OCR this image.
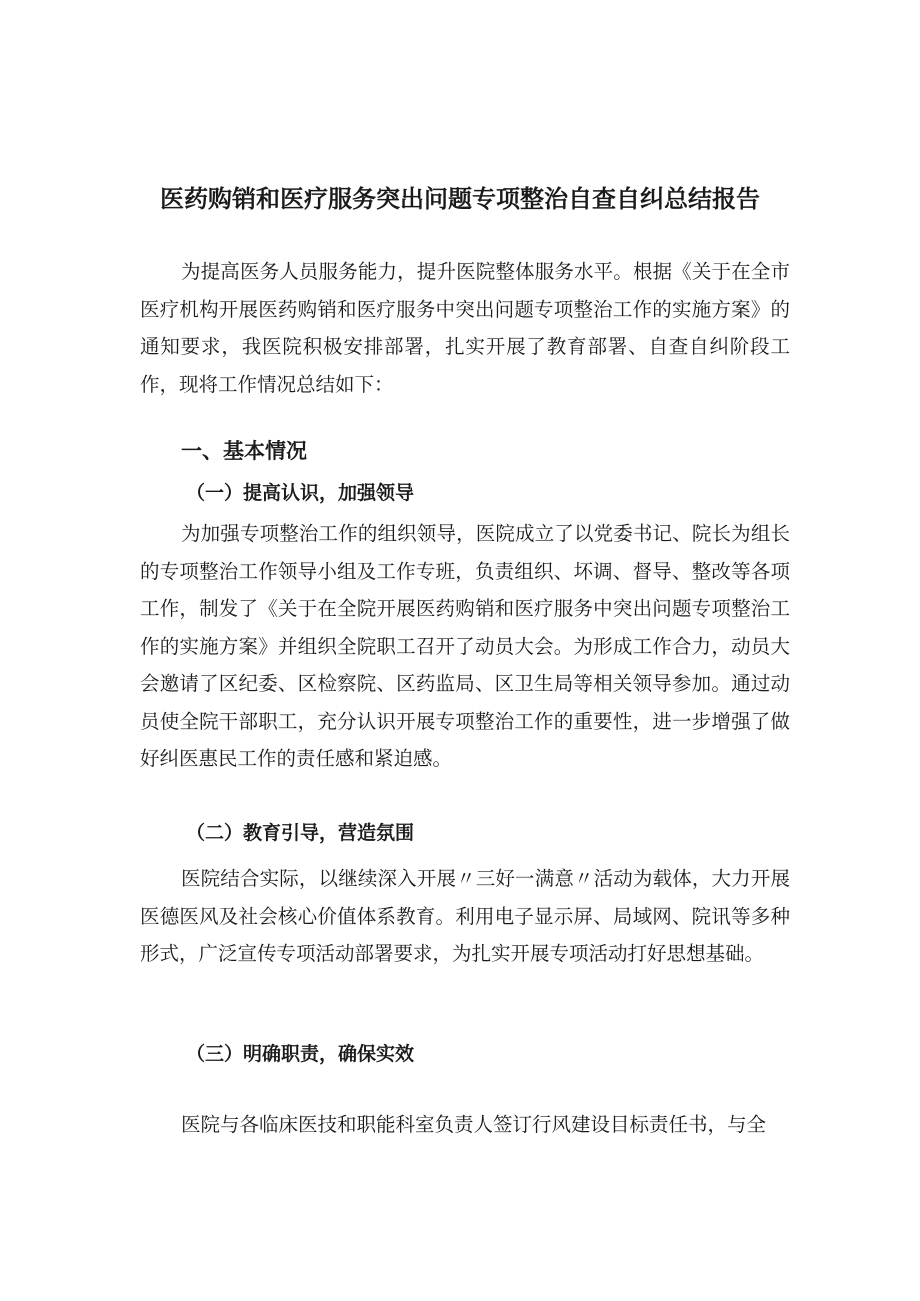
医药购销和医疗服务突出问题专项整治自查自纠总结报告

为提高医务人员服务能力，提升医院整体服务水平。根据《关于在全市医疗机构开展医药购销和医疗服务中突出问题专项整治工作的实施方案》的通知要求，我医院积极安排部署，扎实开展了教育部署、自查自纠阶段工作，现将工作情况总结如下：

一、基本情况
（一）提高认识，加强领导

为加强专项整治工作的组织领导，医院成立了以党委书记、院长为组长的专项整治工作领导小组及工作专班，负责组织、坏调、督导、整改等各项工作，制发了《关于在全院开展医药购销和医疗服务中突出问题专项整治工作的实施方案》并组织全院职工召开了动员大会。为形成工作合力，动员大会邀请了区纪委、区检察院、区药监局、区卫生局等相关领导参加。通过动员使全院干部职工，充分认识开展专项整治工作的重要性，进一步增强了做好纠医惠民工作的责任感和紧迫感。

（二）教育引导，营造氛围

医院结合实际，以继续深入开展〃三好一满意〃活动为载体，大力开展医德医风及社会核心价值体系教育。利用电子显示屏、局域网、院讯等多种形式，广泛宣传专项活动部署要求，为扎实开展专项活动打好思想基础。

（三）明确职责，确保实效

医院与各临床医技和职能科室负责人签订行风建设目标责任书，与全
